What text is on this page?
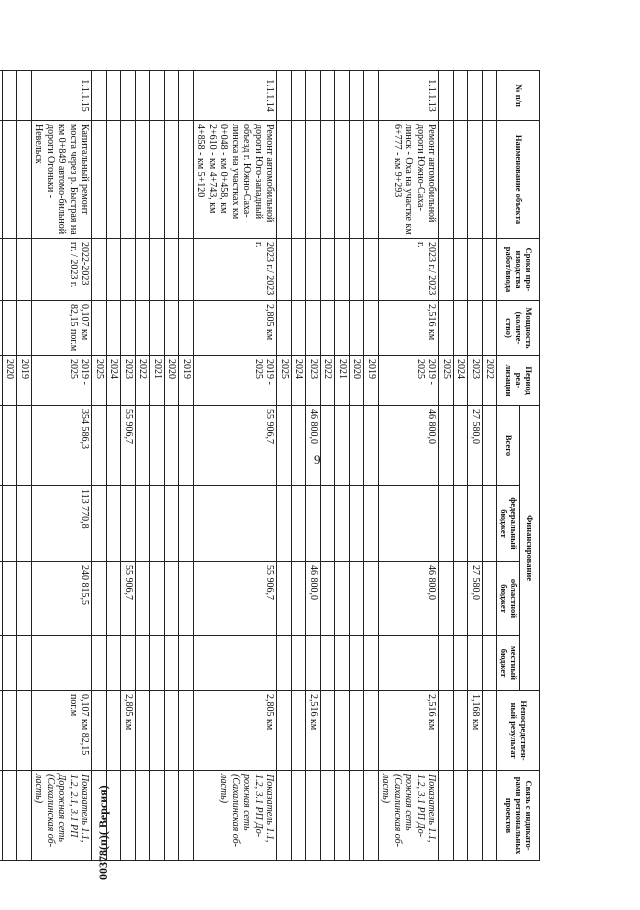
9
00378(п)( Версия)
№ п/п	Наименование объекта	Сроки про-изводства работ/ввода	Мощность (количе-ство)	Период реа-лизации	Финансирование				Непосредствен-ный результат	Связь с индикато-рами региональных проектов
					Всего	федеральный бюджет	областной бюджет	местный бюджет		
				2022						
				2023	27 580,0		27 580,0		1,168 км	
				2024						
				2025						
1.1.1.13	Ремонт автомобильной дороги Южно-Саха-линск - Оха на участке км 6+777 - км 9+293	2023 г./ 2023 г.	2,516 км	2019 - 2025	46 800,0		46 800,0		2,516 км	Показатель 1.1, 1.2, 3.1 РП До-рожная сеть (Сахалинская об-ласть)
				2019						
				2020						
				2021						
				2022						
				2023	46 800,0		46 800,0		2,516 км	
				2024						
				2025						
1.1.1.14	Ремонт автомобильной дороги Юго-западный объезд г. Южно-Саха-линска на участках км 0+048 - км 0+458, км 2+610 - км 4+743, км 4+858 - км 5+120	2023 г./ 2023 г.	2,805 км	2019 - 2025	55 906,7		55 906,7		2,805 км	Показатель 1.1, 1.2, 3.1 РП До-рожная сеть (Сахалинская об-ласть)
				2019						
				2020						
				2021						
				2022						
				2023	55 906,7		55 906,7		2,805 км	
				2024						
				2025						
1.1.1.15	Капитальный ремонт моста через р. Быстрая на км 0+849 автомо-бильной дороги Огоньки - Невельск	2022-2023 гг. / 2023 г.	0,107 км 82,15 пог.м	2019 - 2025	354 586,3	113 770,8	240 815,5		0,107 км 82,15 пог.м	Показатель 1.1, 1.2, 2.1, 3.1 РП Дорожная сеть (Сахалинская об-ласть)
				2019						
				2020						
